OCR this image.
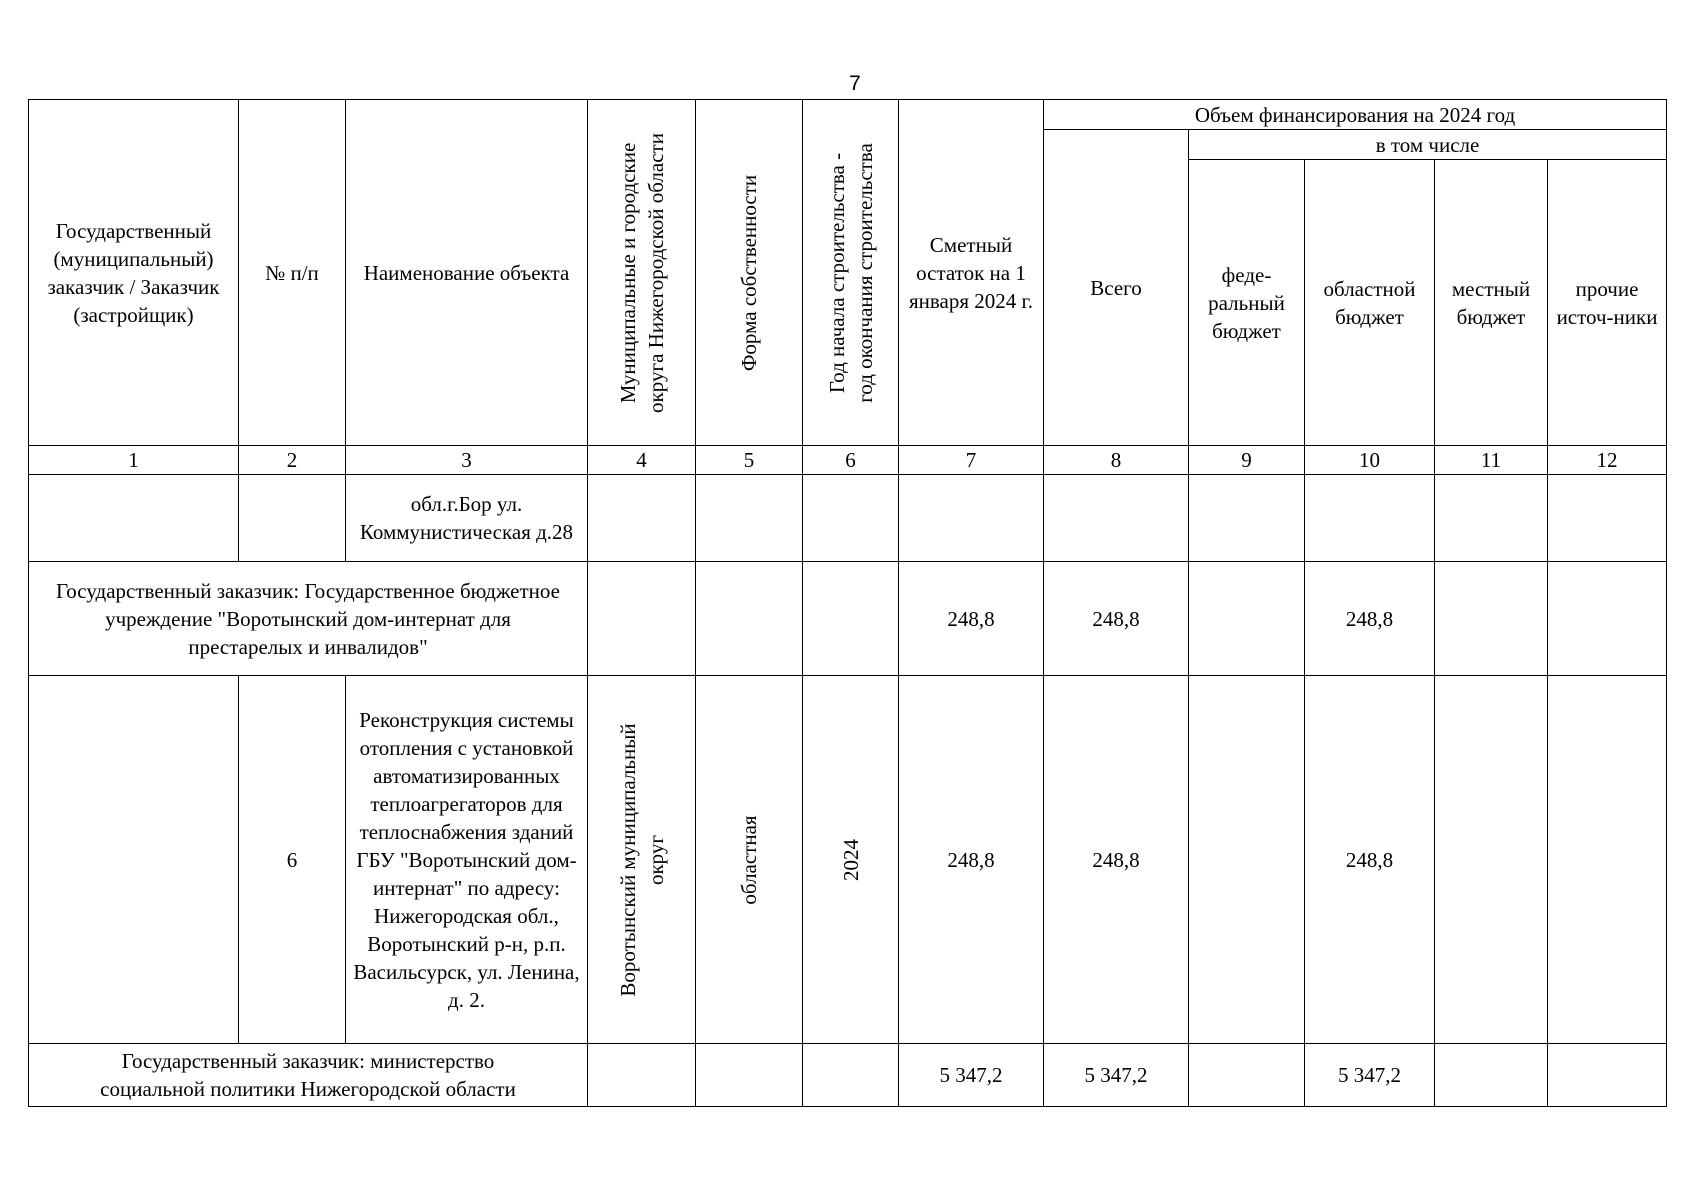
7
Государственный (муниципальный) заказчик / Заказчик (застройщик)	№ п/п	Наименование объекта	Муниципальные и городские округа Нижегородской области	Форма собственности	Год начала строительства - год окончания строительства	Сметный остаток на 1 января 2024 г.	Объем финансирования на 2024 год				
							Всего	в том числе			
								феде-ральный бюджет	областной бюджет	местный бюджет	прочие источ-ники
1	2	3	4	5	6	7	8	9	10	11	12
		обл.г.Бор ул. Коммунистическая д.28									
Государственный заказчик: Государственное бюджетное учреждение "Воротынский дом-интернат для престарелых и инвалидов"						248,8	248,8		248,8		
	6	Реконструкция системы отопления с установкой автоматизированных теплоагрегаторов для теплоснабжения зданий ГБУ "Воротынский дом-интернат" по адресу: Нижегородская обл., Воротынский р-н, р.п. Васильсурск, ул. Ленина, д. 2.	Воротынский муниципальный округ	областная	2024	248,8	248,8		248,8		
Государственный заказчик: министерство социальной политики Нижегородской области						5 347,2	5 347,2		5 347,2		
